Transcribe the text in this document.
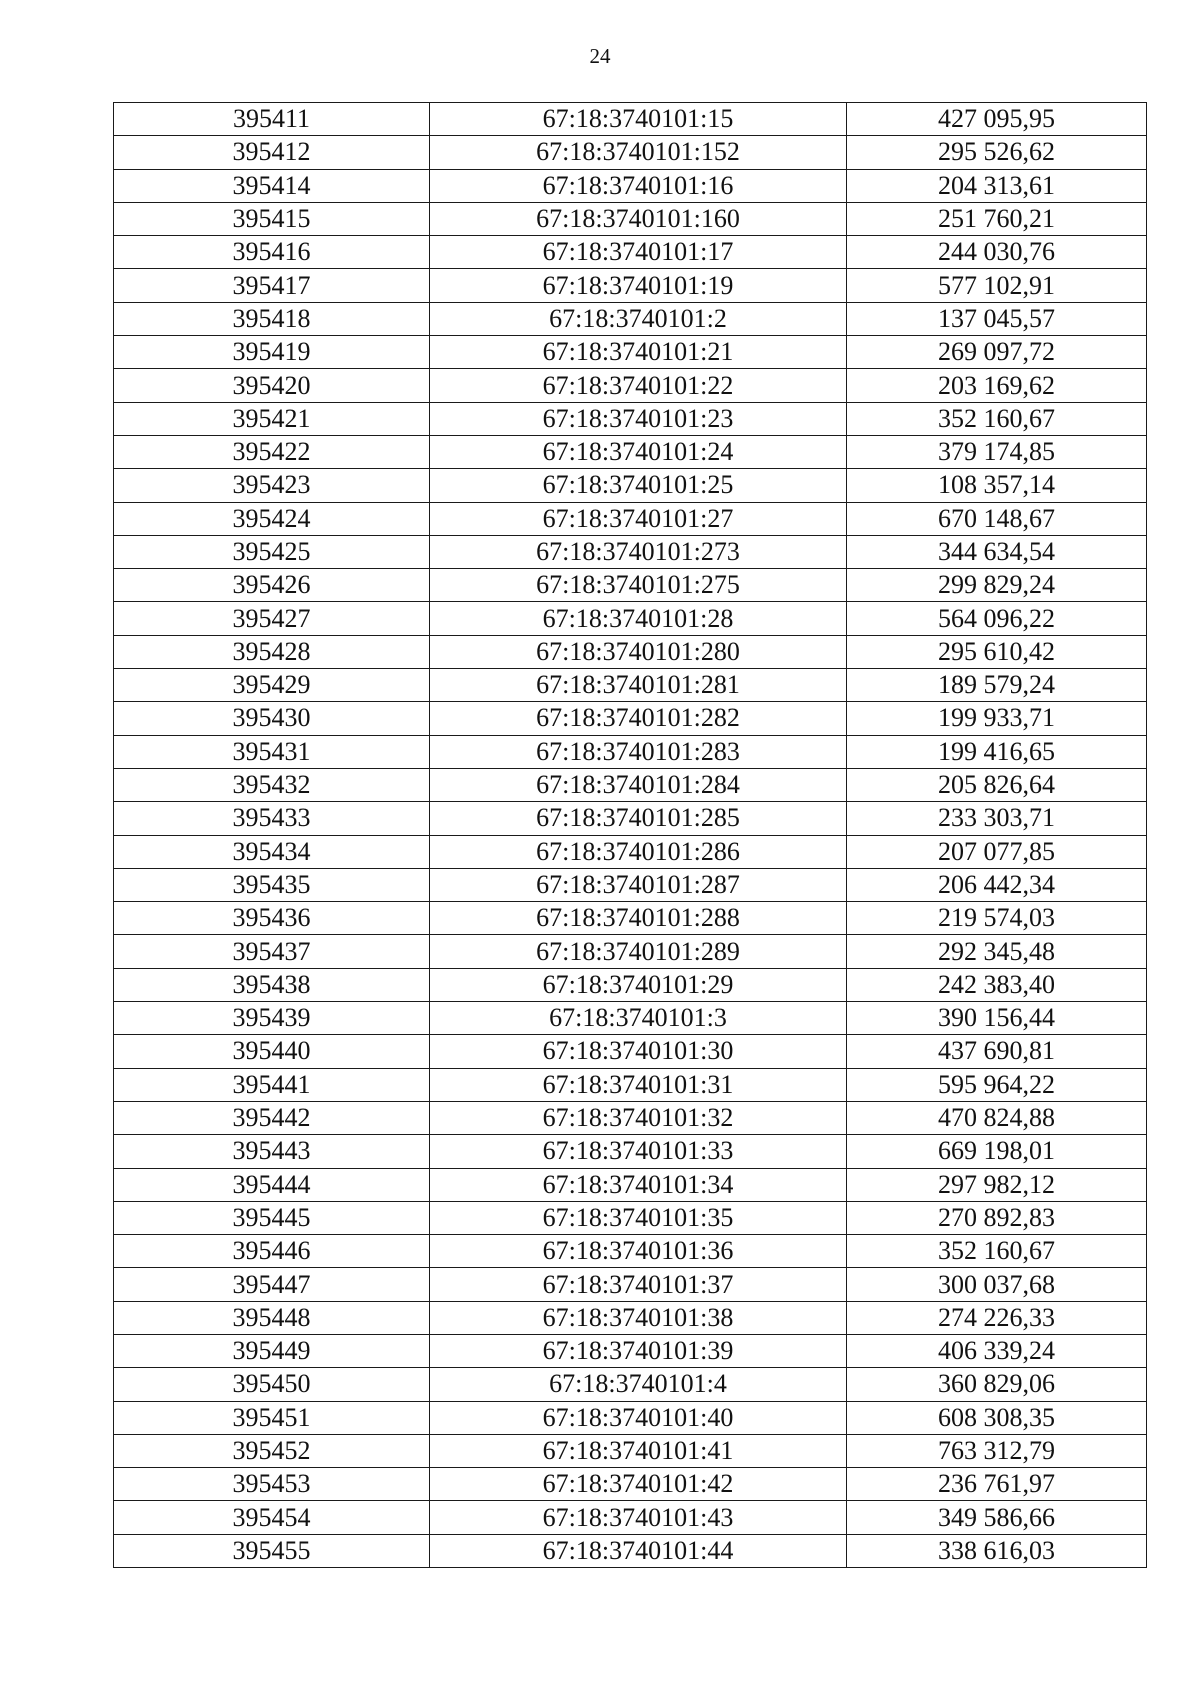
24
395411	67:18:3740101:15	427 095,95
395412	67:18:3740101:152	295 526,62
395414	67:18:3740101:16	204 313,61
395415	67:18:3740101:160	251 760,21
395416	67:18:3740101:17	244 030,76
395417	67:18:3740101:19	577 102,91
395418	67:18:3740101:2	137 045,57
395419	67:18:3740101:21	269 097,72
395420	67:18:3740101:22	203 169,62
395421	67:18:3740101:23	352 160,67
395422	67:18:3740101:24	379 174,85
395423	67:18:3740101:25	108 357,14
395424	67:18:3740101:27	670 148,67
395425	67:18:3740101:273	344 634,54
395426	67:18:3740101:275	299 829,24
395427	67:18:3740101:28	564 096,22
395428	67:18:3740101:280	295 610,42
395429	67:18:3740101:281	189 579,24
395430	67:18:3740101:282	199 933,71
395431	67:18:3740101:283	199 416,65
395432	67:18:3740101:284	205 826,64
395433	67:18:3740101:285	233 303,71
395434	67:18:3740101:286	207 077,85
395435	67:18:3740101:287	206 442,34
395436	67:18:3740101:288	219 574,03
395437	67:18:3740101:289	292 345,48
395438	67:18:3740101:29	242 383,40
395439	67:18:3740101:3	390 156,44
395440	67:18:3740101:30	437 690,81
395441	67:18:3740101:31	595 964,22
395442	67:18:3740101:32	470 824,88
395443	67:18:3740101:33	669 198,01
395444	67:18:3740101:34	297 982,12
395445	67:18:3740101:35	270 892,83
395446	67:18:3740101:36	352 160,67
395447	67:18:3740101:37	300 037,68
395448	67:18:3740101:38	274 226,33
395449	67:18:3740101:39	406 339,24
395450	67:18:3740101:4	360 829,06
395451	67:18:3740101:40	608 308,35
395452	67:18:3740101:41	763 312,79
395453	67:18:3740101:42	236 761,97
395454	67:18:3740101:43	349 586,66
395455	67:18:3740101:44	338 616,03
